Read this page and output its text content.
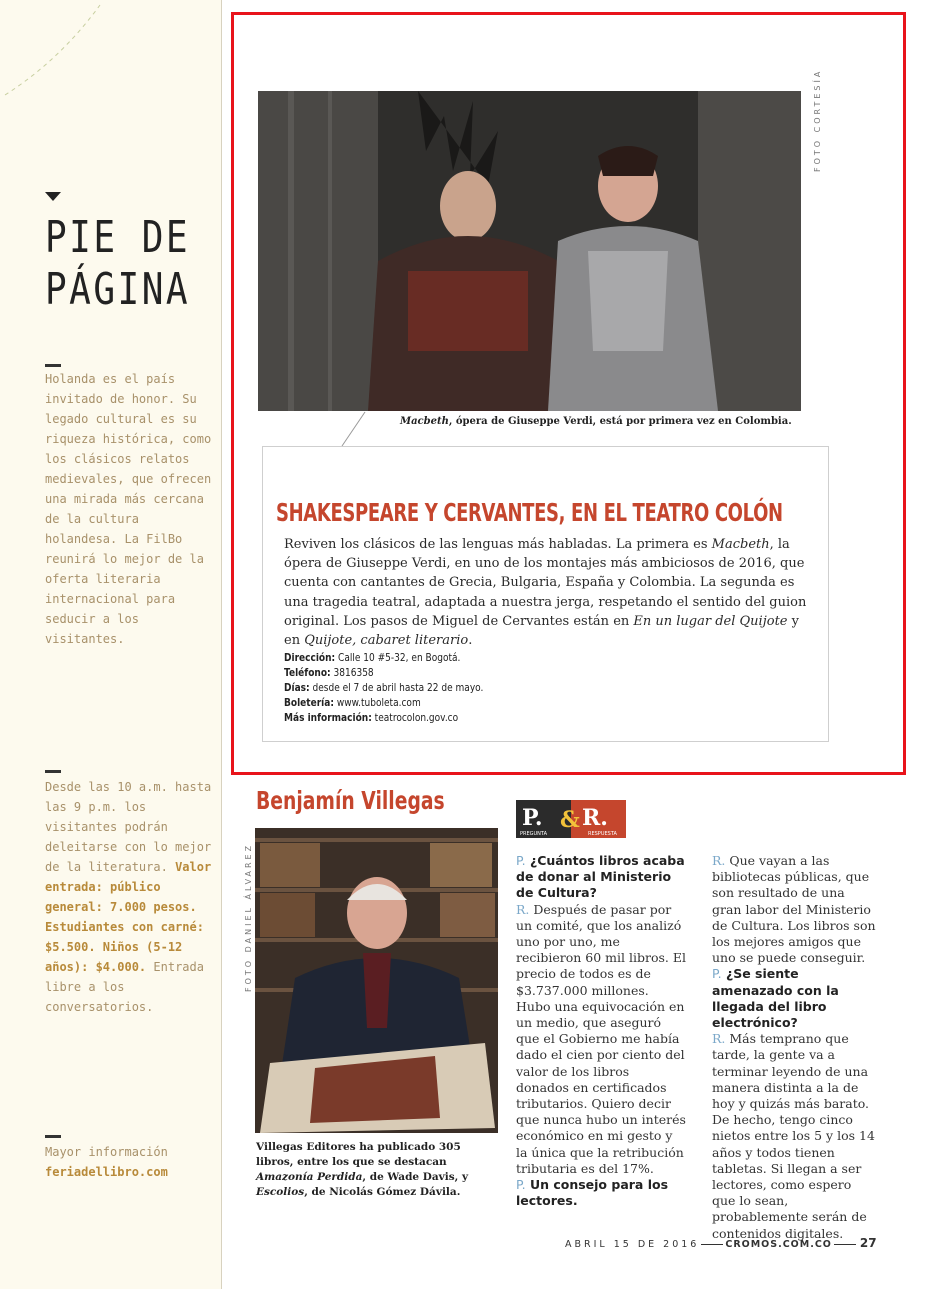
PIE DE
PÁGINA
Holanda es el país invitado de honor. Su legado cultural es su riqueza histórica, como los clásicos relatos medievales, que ofrecen una mirada más cercana de la cultura holandesa. La FilBo reunirá lo mejor de la oferta literaria internacional para seducir a los visitantes.
Desde las 10 a.m. hasta las 9 p.m. los visitantes podrán deleitarse con lo mejor de la literatura. Valor entrada: público general: 7.000 pesos. Estudiantes con carné: $5.500. Niños (5-12 años): $4.000. Entrada libre a los conversatorios.
Mayor información
feriadellibro.com
FOTO CORTESÍA
Macbeth, ópera de Giuseppe Verdi, está por primera vez en Colombia.
SHAKESPEARE Y CERVANTES, EN EL TEATRO COLÓN
Reviven los clásicos de las lenguas más habladas. La primera es Macbeth, la ópera de Giuseppe Verdi, en uno de los montajes más ambiciosos de 2016, que cuenta con cantantes de Grecia, Bulgaria, España y Colombia. La segunda es una tragedia teatral, adaptada a nuestra jerga, respetando el sentido del guion original. Los pasos de Miguel de Cervantes están en En un lugar del Quijote y en Quijote, cabaret literario.
Dirección: Calle 10 #5-32, en Bogotá.
Teléfono: 3816358
Días: desde el 7 de abril hasta 22 de mayo.
Boletería: www.tuboleta.com
Más información: teatrocolon.gov.co
Benjamín Villegas
FOTO DANIEL ÁLVAREZ
Villegas Editores ha publicado 305 libros, entre los que se destacan Amazonía Perdida, de Wade Davis, y Escolios, de Nicolás Gómez Dávila.
P. & R.
PREGUNTA	RESPUESTA
P. ¿Cuántos libros acaba de donar al Ministerio de Cultura?
R. Después de pasar por un comité, que los analizó uno por uno, me recibieron 60 mil libros. El precio de todos es de $3.737.000 millones. Hubo una equivocación en un medio, que aseguró que el Gobierno me había dado el cien por ciento del valor de los libros donados en certificados tributarios. Quiero decir que nunca hubo un interés económico en mi gesto y la única que la retribución tributaria es del 17%.
P. Un consejo para los lectores.
R. Que vayan a las bibliotecas públicas, que son resultado de una gran labor del Ministerio de Cultura. Los libros son los mejores amigos que uno se puede conseguir.
P. ¿Se siente amenazado con la llegada del libro electrónico?
R. Más temprano que tarde, la gente va a terminar leyendo de una manera distinta a la de hoy y quizás más barato. De hecho, tengo cinco nietos entre los 5 y los 14 años y todos tienen tabletas. Si llegan a ser lectores, como espero que lo sean, probablemente serán de contenidos digitales.
ABRIL 15 DE 2016	CROMOS.COM.CO 27
